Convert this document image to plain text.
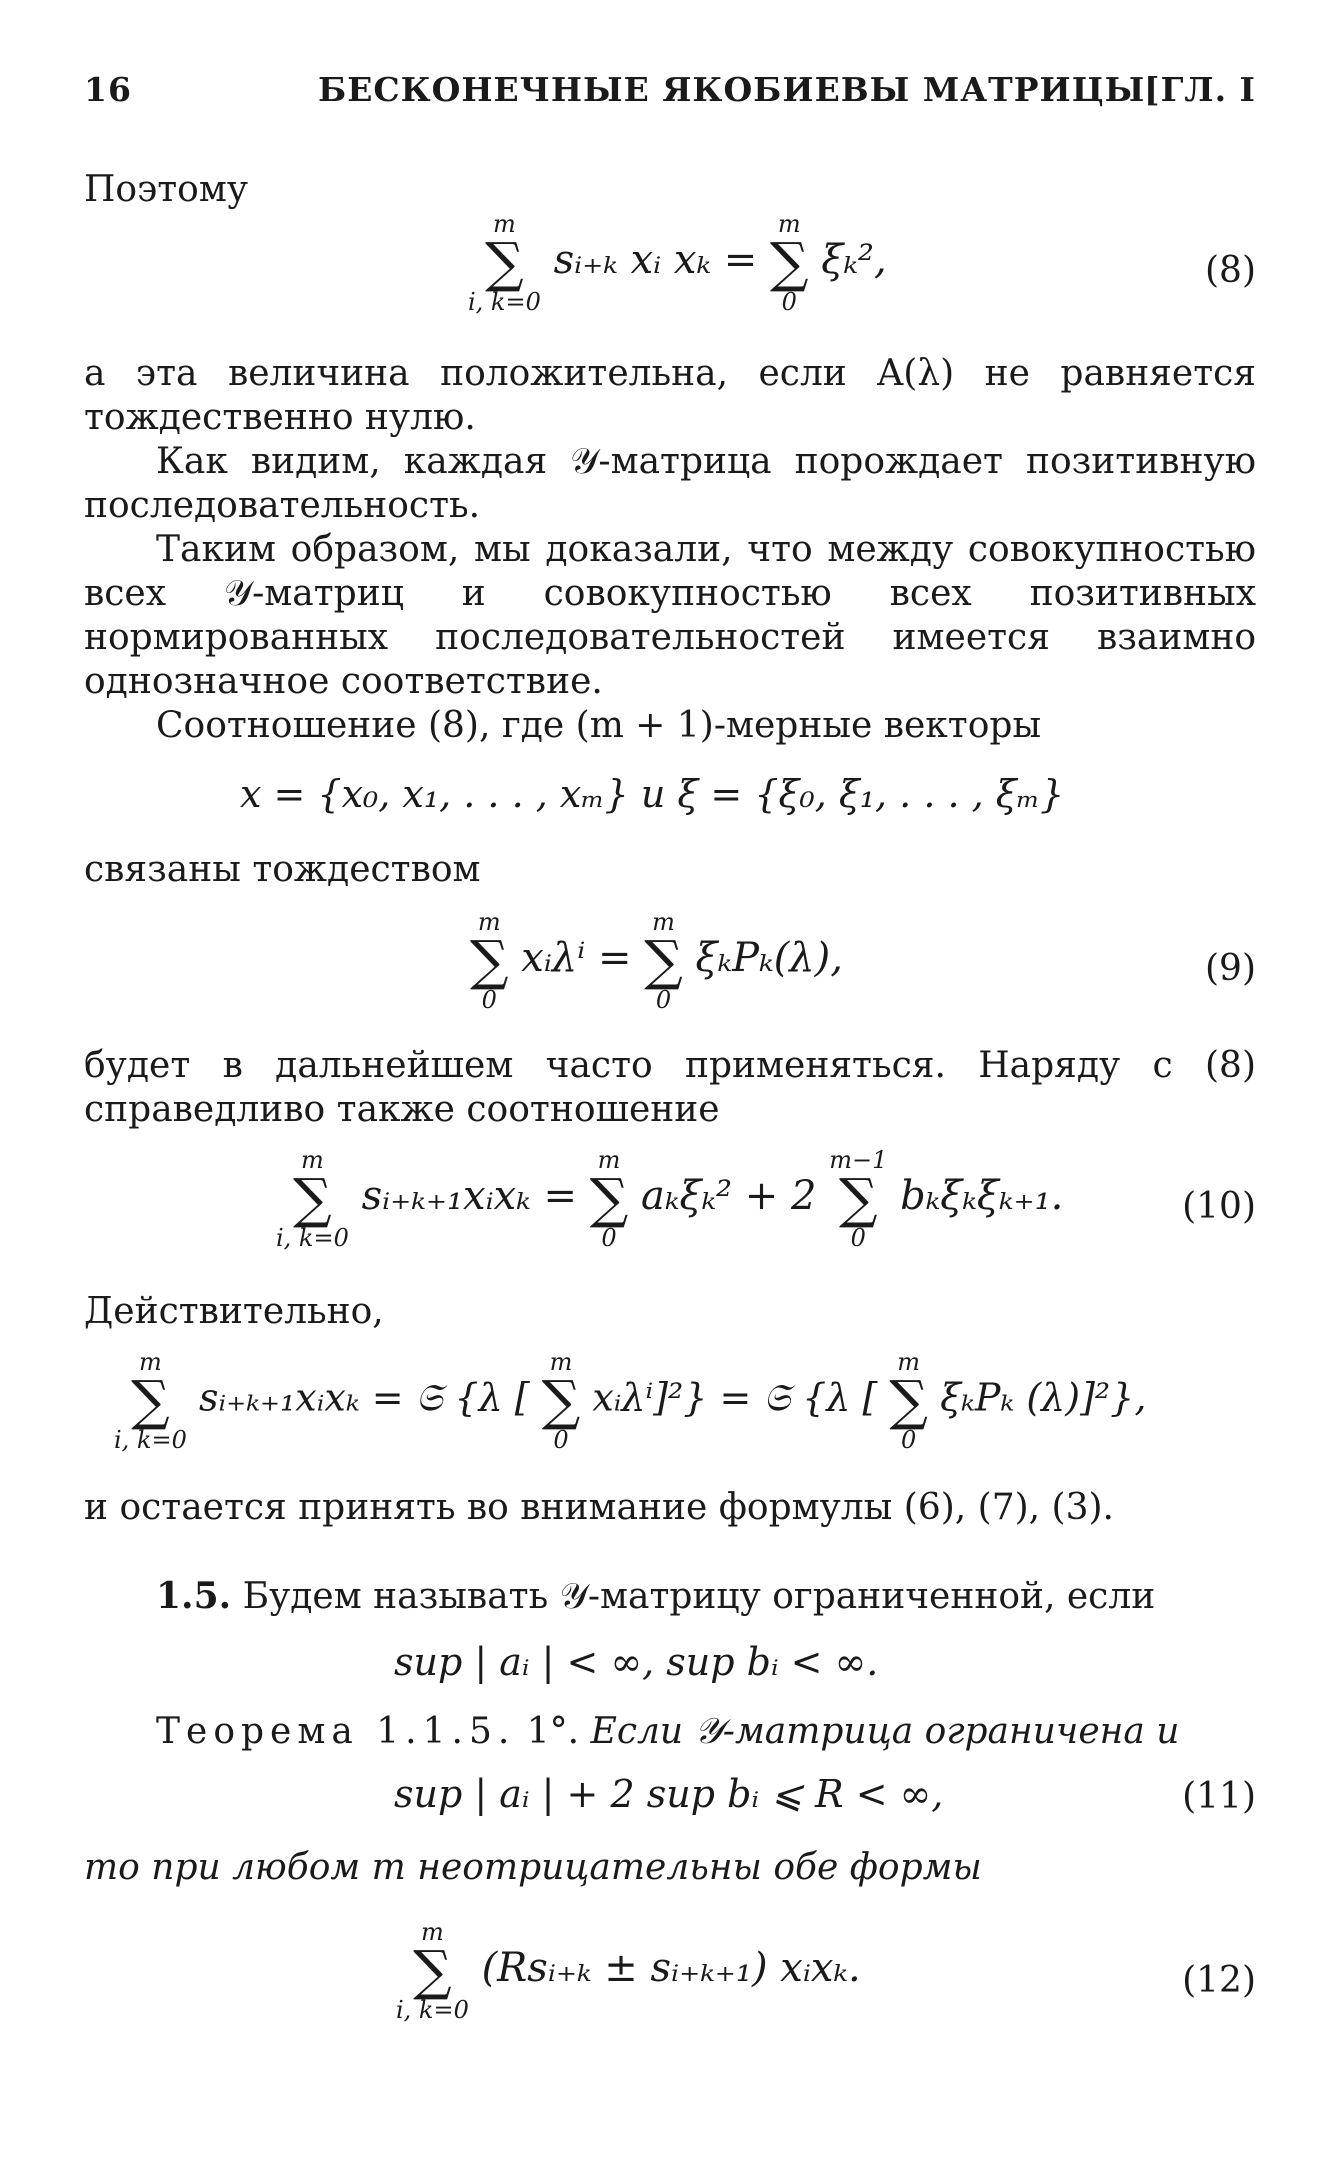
16	БЕСКОНЕЧНЫЕ ЯКОБИЕВЫ МАТРИЦЫ
[ГЛ. I
Поэтому
m
∑
i, k=0
sᵢ₊ₖ xᵢ xₖ =
m
∑
0
ξₖ²,	(8)
а эта величина положительна, если A(λ) не равняется тождественно нулю.
Как видим, каждая 𝒴-матрица порождает позитивную последовательность.
Таким образом, мы доказали, что между совокупностью всех 𝒴-матриц и совокупностью всех позитивных нормированных последовательностей имеется взаимно однозначное соответствие.
Соотношение (8), где (m + 1)-мерные векторы
x = {x₀, x₁, . . . , xₘ} и ξ = {ξ₀, ξ₁, . . . , ξₘ}
связаны тождеством
m
∑
0
xᵢλⁱ =
m
∑
0
ξₖPₖ(λ),	(9)
будет в дальнейшем часто применяться. Наряду с (8) справедливо также соотношение
m
∑
i, k=0
sᵢ₊ₖ₊₁xᵢxₖ =
m
∑
0
aₖξₖ² + 2
m−1
∑
0
bₖξₖξₖ₊₁.	(10)
Действительно,
m
∑
i, k=0
sᵢ₊ₖ₊₁xᵢxₖ = 𝔖 {λ [
m
∑
0
xᵢλⁱ]²} = 𝔖 {λ [
m
∑
0
ξₖPₖ (λ)]²},
и остается принять во внимание формулы (6), (7), (3).
1.5. Будем называть 𝒴-матрицу ограниченной, если
sup | aᵢ | < ∞, sup bᵢ < ∞.
Теорема 1.1.5. 1°. Если 𝒴-матрица ограничена и
sup | aᵢ | + 2 sup bᵢ ⩽ R < ∞,	(11)
то при любом m неотрицательны обе формы
m
∑
i, k=0
(Rsᵢ₊ₖ ± sᵢ₊ₖ₊₁) xᵢxₖ.	(12)
